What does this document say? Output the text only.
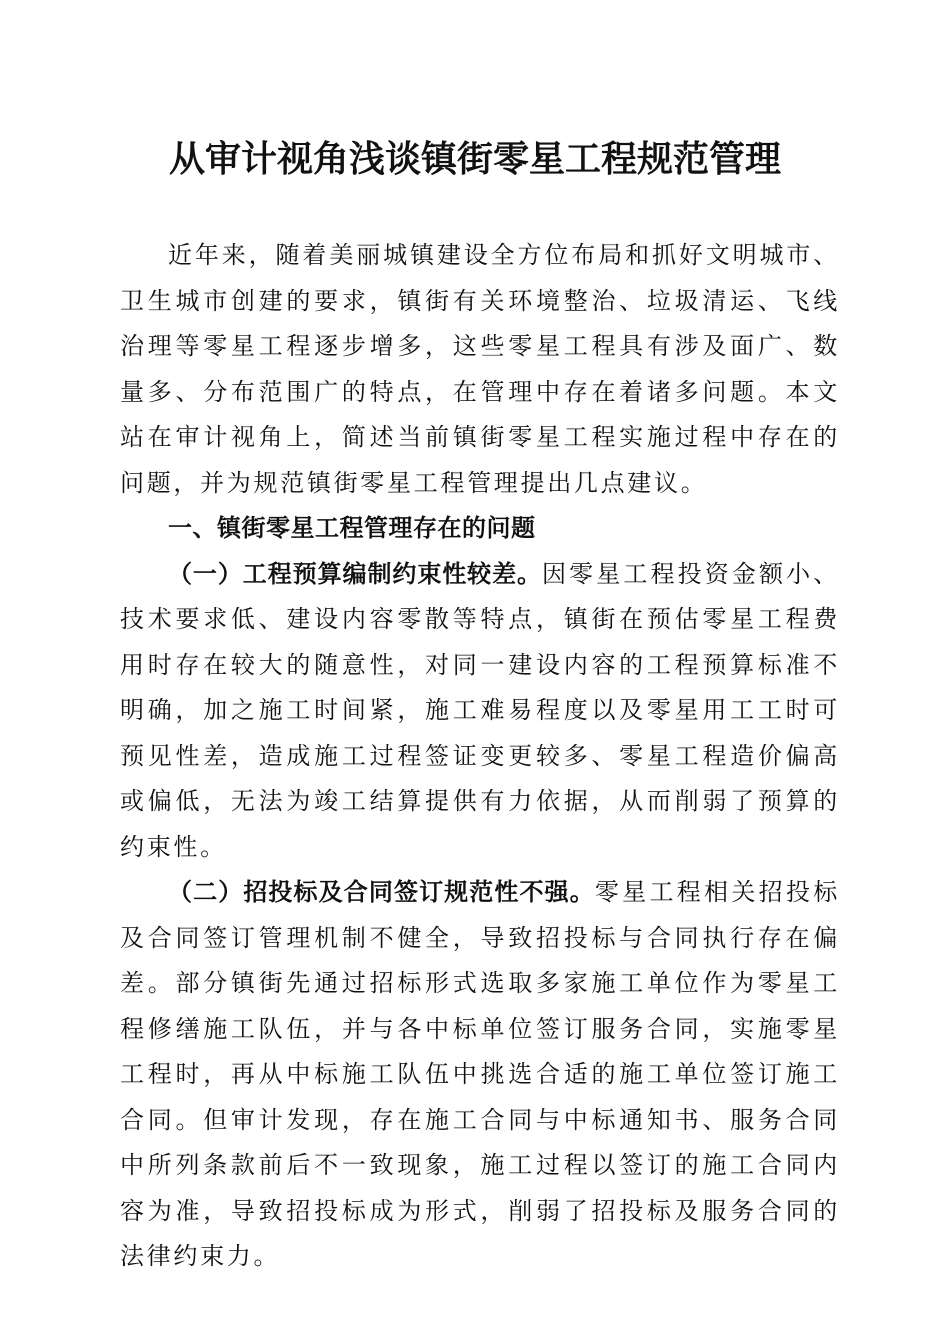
从审计视角浅谈镇街零星工程规范管理

近年来，随着美丽城镇建设全方位布局和抓好文明城市、卫生城市创建的要求，镇街有关环境整治、垃圾清运、飞线治理等零星工程逐步增多，这些零星工程具有涉及面广、数量多、分布范围广的特点，在管理中存在着诸多问题。本文站在审计视角上，简述当前镇街零星工程实施过程中存在的问题，并为规范镇街零星工程管理提出几点建议。

一、镇街零星工程管理存在的问题

（一）工程预算编制约束性较差。因零星工程投资金额小、技术要求低、建设内容零散等特点，镇街在预估零星工程费用时存在较大的随意性，对同一建设内容的工程预算标准不明确，加之施工时间紧，施工难易程度以及零星用工工时可预见性差，造成施工过程签证变更较多、零星工程造价偏高或偏低，无法为竣工结算提供有力依据，从而削弱了预算的约束性。

（二）招投标及合同签订规范性不强。零星工程相关招投标及合同签订管理机制不健全，导致招投标与合同执行存在偏差。部分镇街先通过招标形式选取多家施工单位作为零星工程修缮施工队伍，并与各中标单位签订服务合同，实施零星工程时，再从中标施工队伍中挑选合适的施工单位签订施工合同。但审计发现，存在施工合同与中标通知书、服务合同中所列条款前后不一致现象，施工过程以签订的施工合同内容为准，导致招投标成为形式，削弱了招投标及服务合同的法律约束力。
